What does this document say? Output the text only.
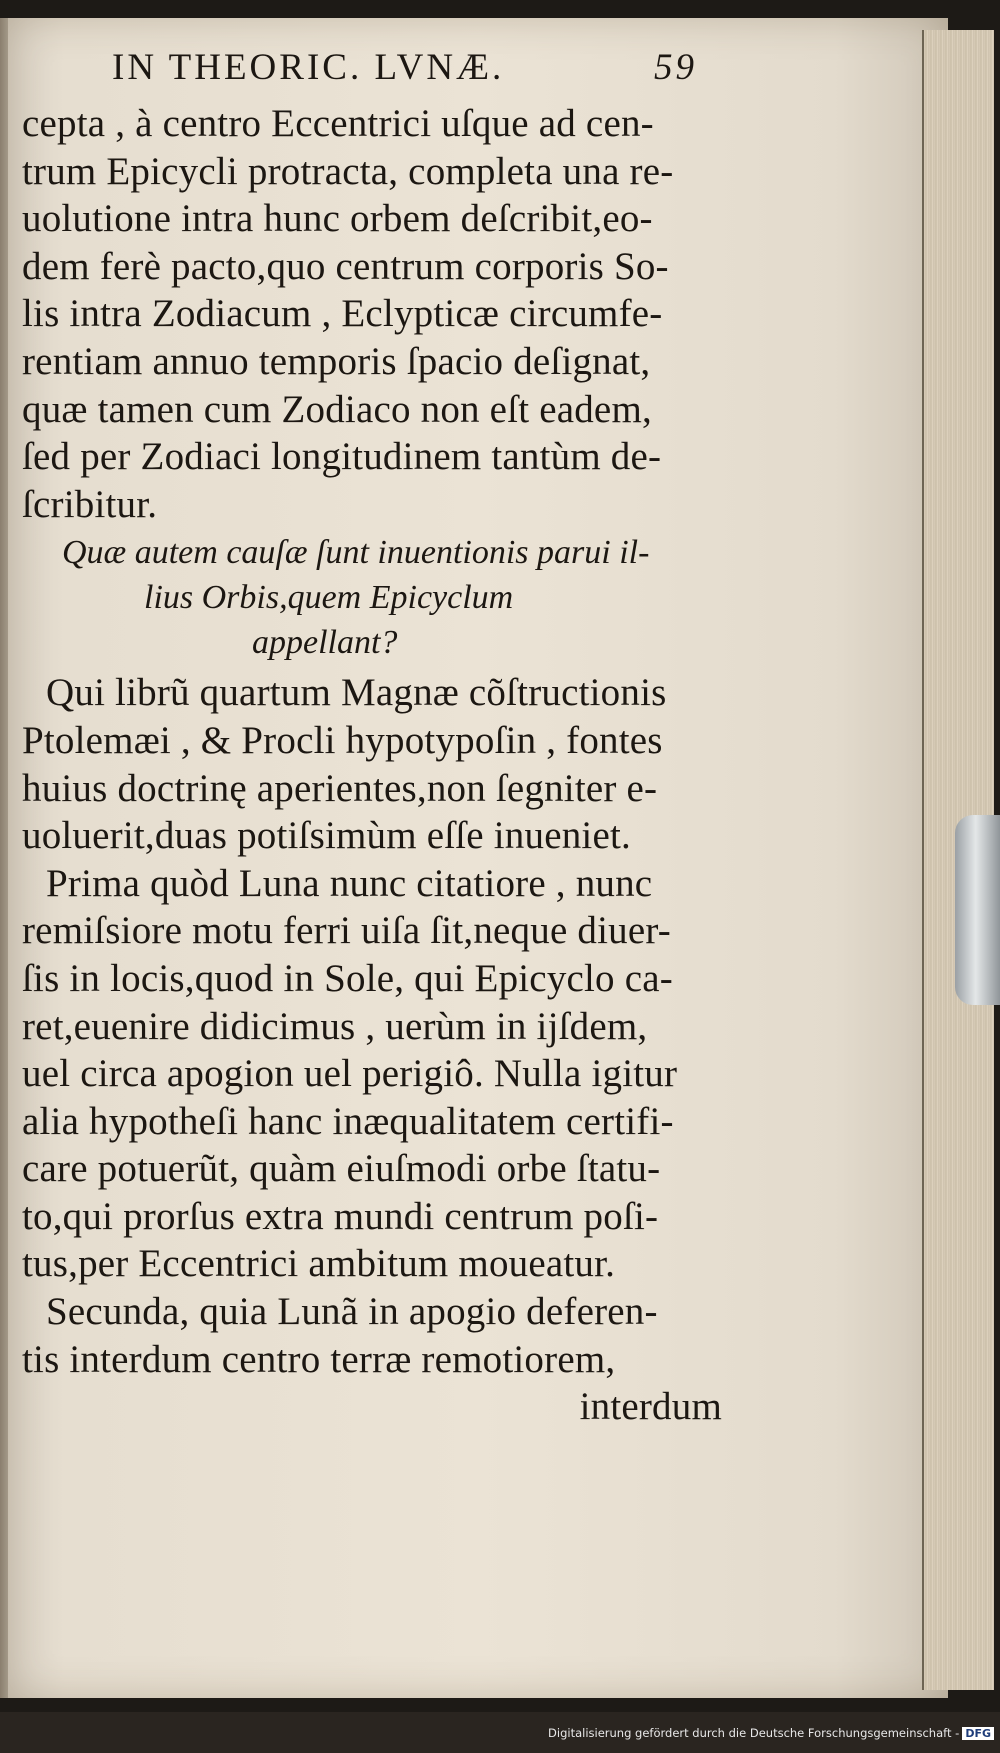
IN THEORIC. LVNÆ.	59
cepta , à centro Eccentrici uſque ad cen-
trum Epicycli protracta, completa una re-
uolutione intra hunc orbem deſcribit,eo-
dem ferè pacto,quo centrum corporis So-
lis intra Zodiacum , Eclypticæ circumfe-
rentiam annuo temporis ſpacio deſignat,
quæ tamen cum Zodiaco non eſt eadem,
ſed per Zodiaci longitudinem tantùm de-
ſcribitur.
Quæ autem cauſæ ſunt inuentionis parui il-
lius Orbis,quem Epicyclum
appellant?
Qui librũ quartum Magnæ cõſtructionis
Ptolemæi , & Procli hypotypoſin , fontes
huius doctrinę aperientes,non ſegniter e-
uoluerit,duas potiſsimùm eſſe inueniet.
Prima quòd Luna nunc citatiore , nunc
remiſsiore motu ferri uiſa ſit,neque diuer-
ſis in locis,quod in Sole, qui Epicyclo ca-
ret,euenire didicimus , uerùm in ijſdem,
uel circa apogion uel perigiô. Nulla igitur
alia hypotheſi hanc inæqualitatem certifi-
care potuerũt, quàm eiuſmodi orbe ſtatu-
to,qui prorſus extra mundi centrum poſi-
tus,per Eccentrici ambitum moueatur.
Secunda, quia Lunã in apogio deferen-
tis interdum centro terræ remotiorem,
interdum
Digitalisierung gefördert durch die Deutsche Forschungsgemeinschaft - DFG
